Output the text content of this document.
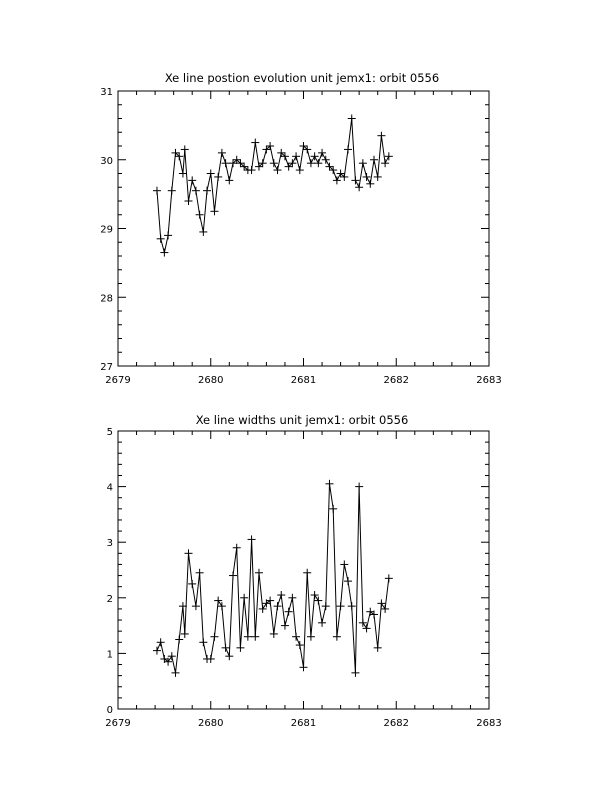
Xe line postion evolution unit jemx1: orbit 0556
2679	2680	2681	2682	2683
27
28
29
30
31
Xe line widths unit jemx1: orbit 0556
2679	2680	2681	2682	2683
0
1
2
3
4
5
